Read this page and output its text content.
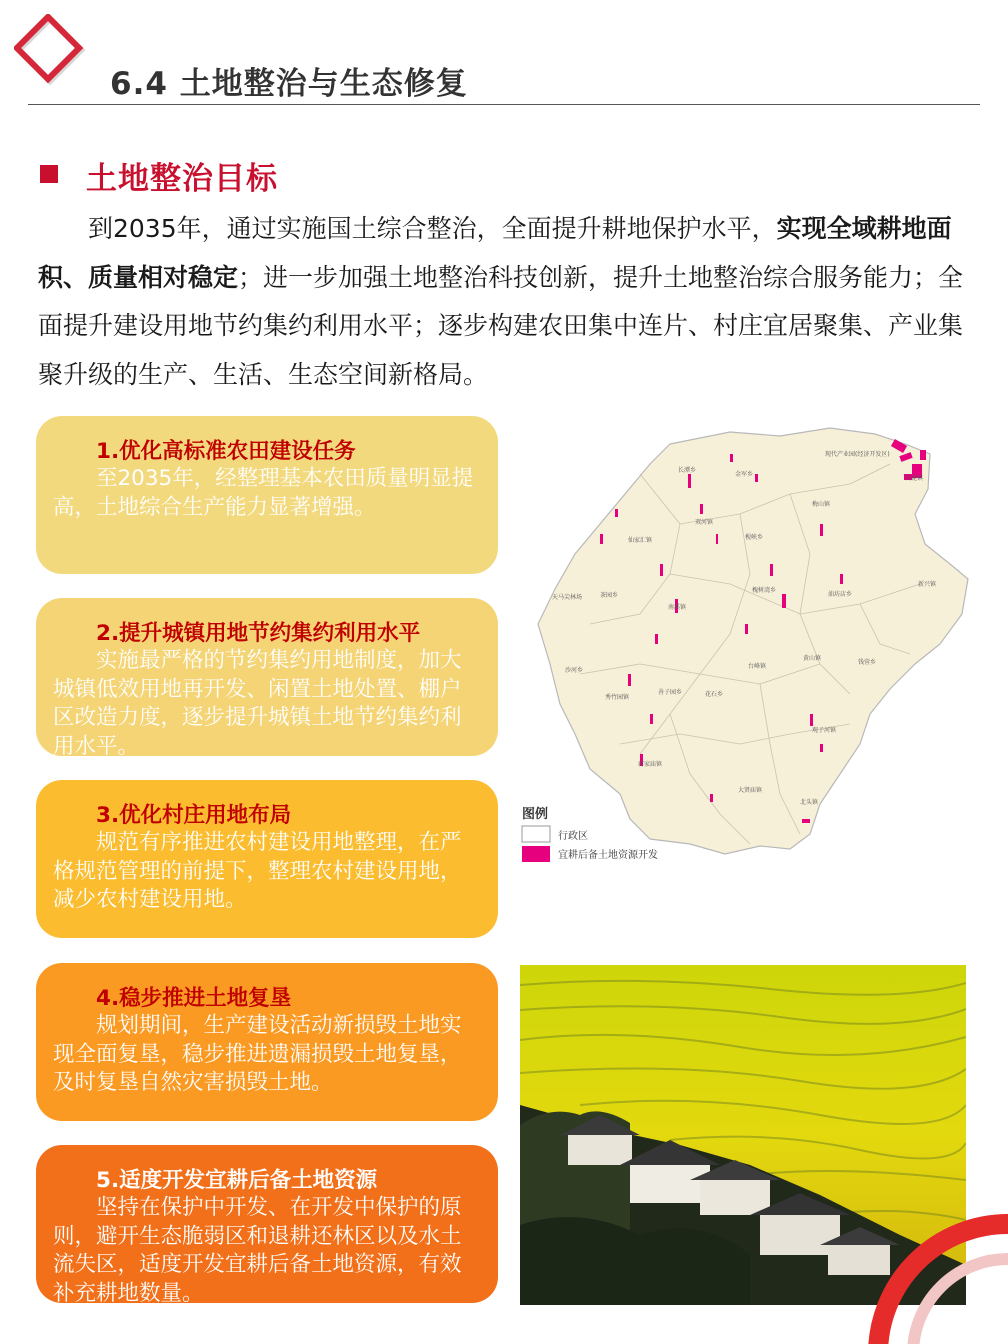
6.4 土地整治与生态修复
土地整治目标
到2035年，通过实施国土综合整治，全面提升耕地保护水平，实现全域耕地面积、质量相对稳定；进一步加强土地整治科技创新，提升土地整治综合服务能力；全面提升建设用地节约集约利用水平；逐步构建农田集中连片、村庄宜居聚集、产业集聚升级的生产、生活、生态空间新格局。
1.优化高标准农田建设任务
至2035年，经整理基本农田质量明显提高，土地综合生产能力显著增强。
2.提升城镇用地节约集约利用水平
实施最严格的节约集约用地制度，加大城镇低效用地再开发、闲置土地处置、棚户区改造力度，逐步提升城镇土地节约集约利用水平。
3.优化村庄用地布局
规范有序推进农村建设用地整理，在严格规范管理的前提下，整理农村建设用地，减少农村建设用地。
4.稳步推进土地复垦
规划期间，生产建设活动新损毁土地实现全面复垦，稳步推进遗漏损毁土地复垦，及时复垦自然灾害损毁土地。
5.适度开发宜耕后备土地资源
坚持在保护中开发、在开发中保护的原则，避开生态脆弱区和退耕还林区以及水土流失区，适度开发宜耕后备土地资源，有效补充耕地数量。
现代产业园(经济开发区)
白鹿镇
梅山镇
长潭乡
金军乡
双河镇
枧峡乡
仙家汇镇
天马尖林场	茶园乡
南溪镇
槐树湾乡
油坊店乡
新兴镇
沙河乡
台峰镇
黄山镇
秀竹园镇
善子园乡	花石乡
观子河镇
蒋家庙镇
大贤庙镇
钱营乡
北头镇
图例
行政区
宜耕后备土地资源开发
